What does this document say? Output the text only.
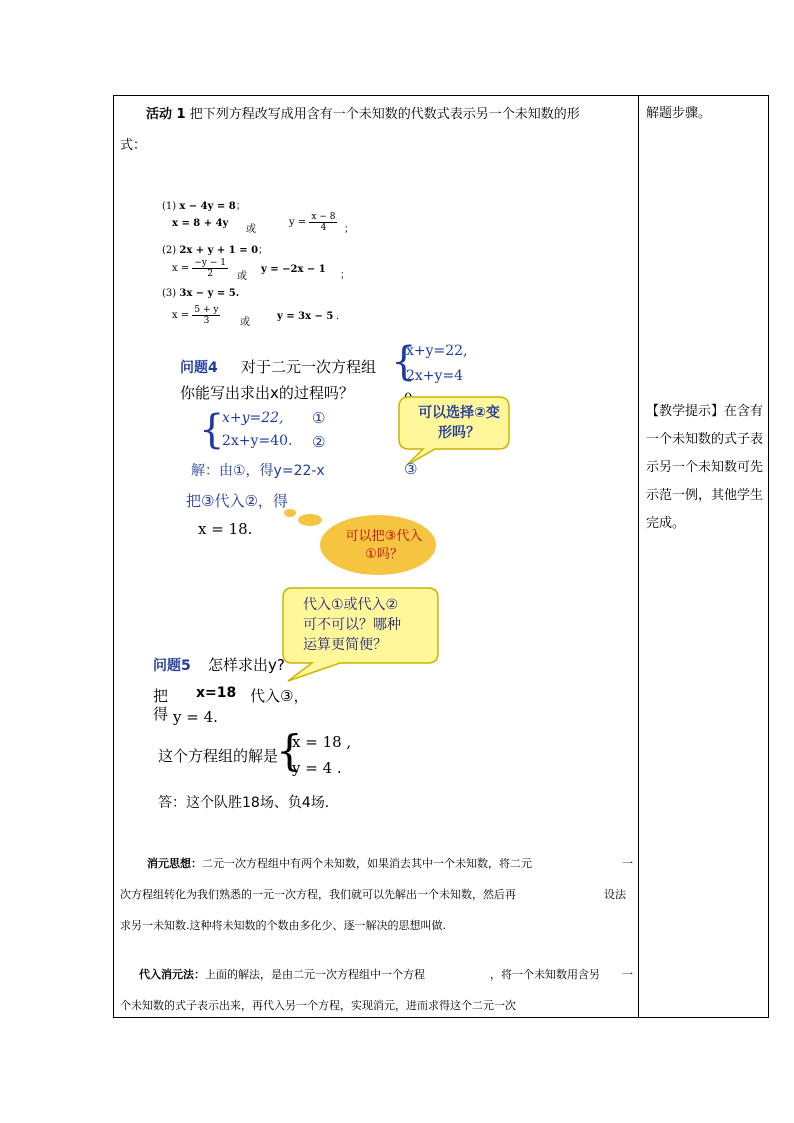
活动 1 把下列方程改写成用含有一个未知数的代数式表示另一个未知数的形
式：
(1) x − 4y = 8；
x = 8 + 4y
或
$y = \frac{x - 8}{4}$ ；
(2) 2x + y + 1 = 0；
$x = \frac{-y - 1}{2}$ 或
y = −2x − 1
；
(3) 3x − y = 5.
$x = \frac{5 + y}{3}$ 或
y = 3x − 5 .
问题4 对于二元一次方程组 {
x+y=22,
2x+y=4
你能写出求出x的过程吗？
{
x+y=22,
2x+y=40.
①
②
可以选择②变形吗？
解：由①，得y=22-x	③
把③代入②，得
x = 18.	可以把③代入①吗？
代入①或代入②
可不可以？哪种
运算更简便？
问题5 怎样求出y?
把 x=18 代入③，
得 y = 4.
这个方程组的解是
{
x = 18 ,
y = 4 .
答：这个队胜18场、负4场.
消元思想：二元一次方程组中有两个未知数，如果消去其中一个未知数，将二元	一
次方程组转化为我们熟悉的一元一次方程，我们就可以先解出一个未知数，然后再	设法
求另一未知数.这种将未知数的个数由多化少、逐一解决的思想叫做.
代入消元法：上面的解法，是由二元一次方程组中一个方程	，将一个未知数用含另 一
个未知数的式子表示出来，再代入另一个方程，实现消元，进而求得这个二元一次
解题步骤。
【教学提示】在含有一个未知数的式子表示另一个未知数可先示范一例，其他学生完成。
